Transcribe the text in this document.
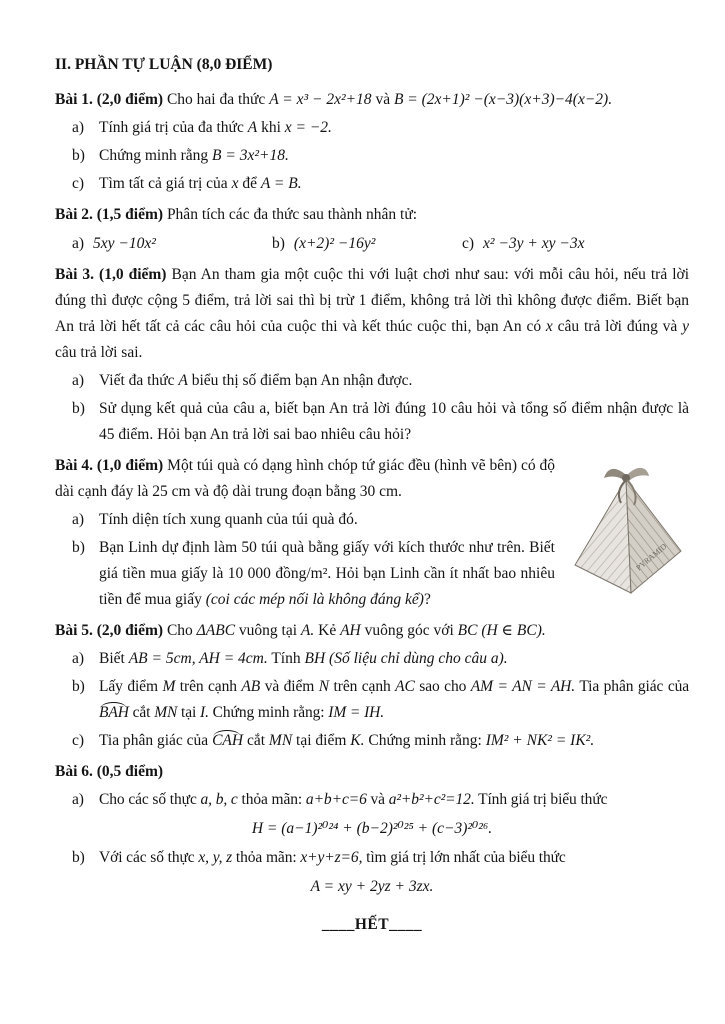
II. PHẦN TỰ LUẬN (8,0 ĐIỂM)

Bài 1. (2,0 điểm) Cho hai đa thức A = x³ − 2x²+18 và B = (2x+1)² −(x−3)(x+3)−4(x−2).

a) Tính giá trị của đa thức A khi x = −2.
b) Chứng minh rằng B = 3x²+18.
c) Tìm tất cả giá trị của x để A = B.

Bài 2. (1,5 điểm) Phân tích các đa thức sau thành nhân tử:

a) 5xy −10x²	b) (x+2)² −16y²	c) x² −3y + xy −3x

Bài 3. (1,0 điểm) Bạn An tham gia một cuộc thi với luật chơi như sau: với mỗi câu hỏi, nếu trả lời đúng thì được cộng 5 điểm, trả lời sai thì bị trừ 1 điểm, không trả lời thì không được điểm. Biết bạn An trả lời hết tất cả các câu hỏi của cuộc thi và kết thúc cuộc thi, bạn An có x câu trả lời đúng và y câu trả lời sai.

a) Viết đa thức A biểu thị số điểm bạn An nhận được.
b) Sử dụng kết quả của câu a, biết bạn An trả lời đúng 10 câu hỏi và tổng số điểm nhận được là 45 điểm. Hỏi bạn An trả lời sai bao nhiêu câu hỏi?
PYRAMID

Bài 4. (1,0 điểm) Một túi quà có dạng hình chóp tứ giác đều (hình vẽ bên) có độ dài cạnh đáy là 25 cm và độ dài trung đoạn bằng 30 cm.

a) Tính diện tích xung quanh của túi quà đó.
b) Bạn Linh dự định làm 50 túi quà bằng giấy với kích thước như trên. Biết giá tiền mua giấy là 10 000 đồng/m². Hỏi bạn Linh cần ít nhất bao nhiêu tiền để mua giấy (coi các mép nối là không đáng kể)?

Bài 5. (2,0 điểm) Cho ΔABC vuông tại A. Kẻ AH vuông góc với BC (H ∈ BC).

a) Biết AB = 5cm, AH = 4cm. Tính BH (Số liệu chỉ dùng cho câu a).
b) Lấy điểm M trên cạnh AB và điểm N trên cạnh AC sao cho AM = AN = AH. Tia phân giác của BAH cắt MN tại I. Chứng minh rằng: IM = IH.
c) Tia phân giác của CAH cắt MN tại điểm K. Chứng minh rằng: IM² + NK² = IK².

Bài 6. (0,5 điểm)

a) Cho các số thực a, b, c thỏa mãn: a+b+c=6 và a²+b²+c²=12. Tính giá trị biểu thức

H = (a−1)²⁰²⁴ + (b−2)²⁰²⁵ + (c−3)²⁰²⁶.

b) Với các số thực x, y, z thỏa mãn: x+y+z=6, tìm giá trị lớn nhất của biểu thức

A = xy + 2yz + 3zx.

____HẾT____
